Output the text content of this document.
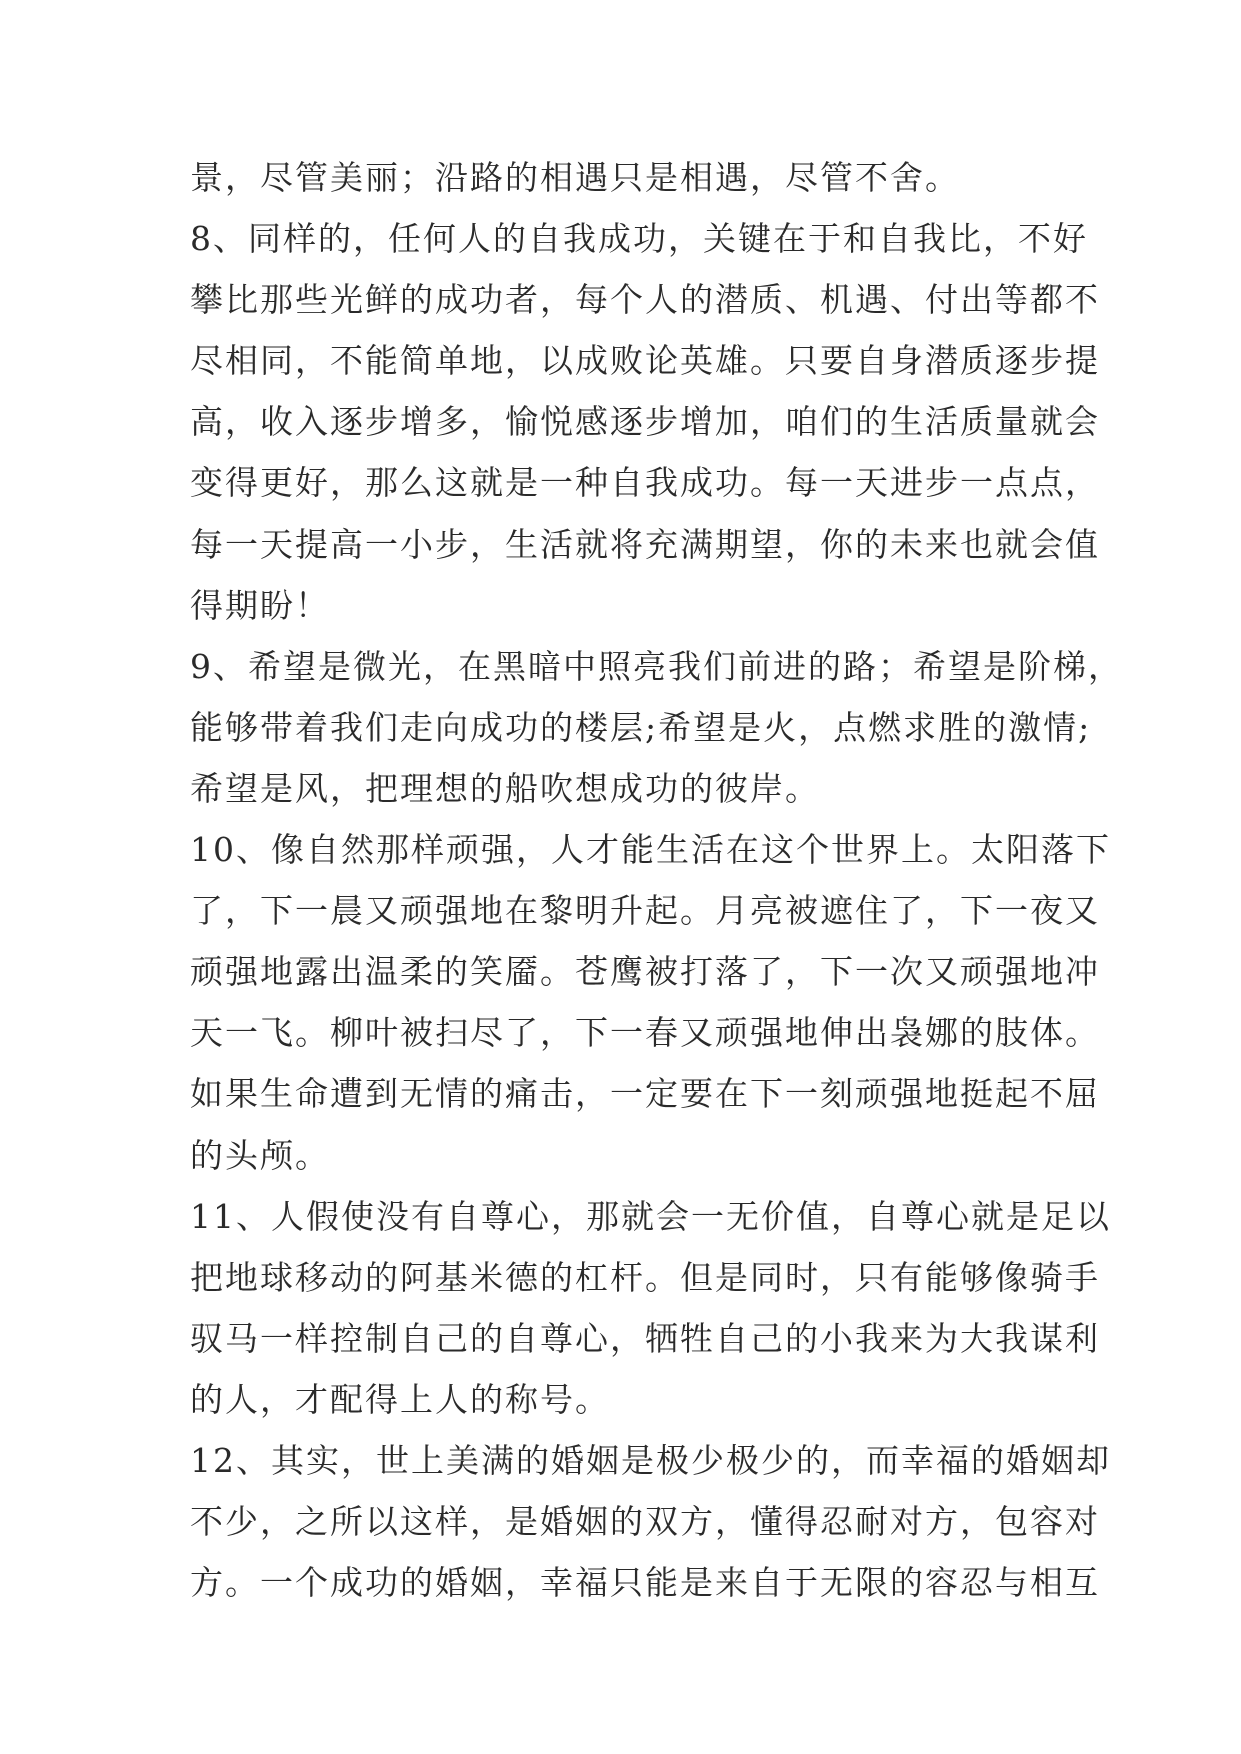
景，尽管美丽；沿路的相遇只是相遇，尽管不舍。
8、同样的，任何人的自我成功，关键在于和自我比，不好
攀比那些光鲜的成功者，每个人的潜质、机遇、付出等都不
尽相同，不能简单地，以成败论英雄。只要自身潜质逐步提
高，收入逐步增多，愉悦感逐步增加，咱们的生活质量就会
变得更好，那么这就是一种自我成功。每一天进步一点点，
每一天提高一小步，生活就将充满期望，你的未来也就会值
得期盼！
9、希望是微光，在黑暗中照亮我们前进的路；希望是阶梯，
能够带着我们走向成功的楼层;希望是火，点燃求胜的激情;
希望是风，把理想的船吹想成功的彼岸。
10、像自然那样顽强，人才能生活在这个世界上。太阳落下
了，下一晨又顽强地在黎明升起。月亮被遮住了，下一夜又
顽强地露出温柔的笑靥。苍鹰被打落了，下一次又顽强地冲
天一飞。柳叶被扫尽了，下一春又顽强地伸出袅娜的肢体。
如果生命遭到无情的痛击，一定要在下一刻顽强地挺起不屈
的头颅。
11、人假使没有自尊心，那就会一无价值，自尊心就是足以
把地球移动的阿基米德的杠杆。但是同时，只有能够像骑手
驭马一样控制自己的自尊心，牺牲自己的小我来为大我谋利
的人，才配得上人的称号。
12、其实，世上美满的婚姻是极少极少的，而幸福的婚姻却
不少，之所以这样，是婚姻的双方，懂得忍耐对方，包容对
方。一个成功的婚姻，幸福只能是来自于无限的容忍与相互
